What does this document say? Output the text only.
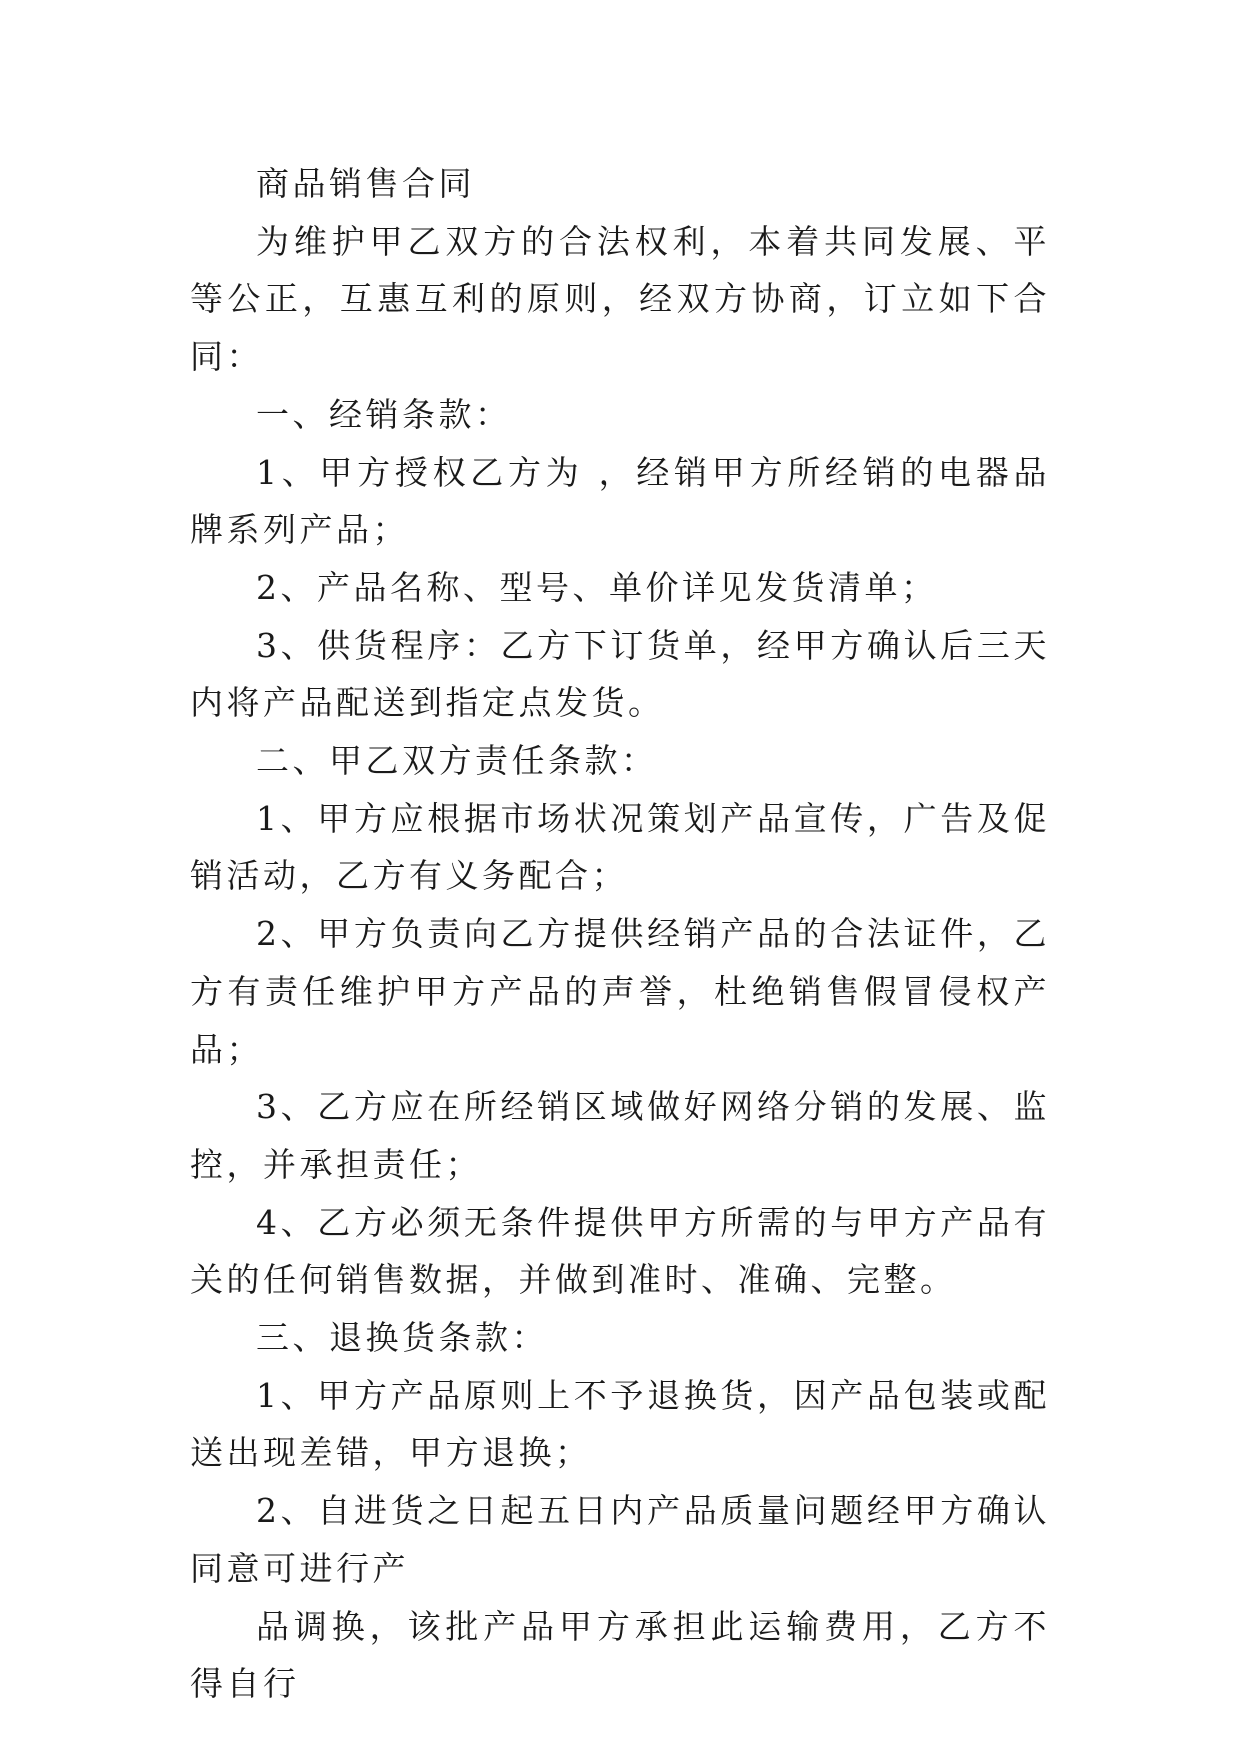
商品销售合同

为维护甲乙双方的合法权利，本着共同发展、平等公正，互惠互利的原则，经双方协商，订立如下合同：

一、经销条款：

1、甲方授权乙方为 ，经销甲方所经销的电器品牌系列产品；

2、产品名称、型号、单价详见发货清单；

3、供货程序：乙方下订货单，经甲方确认后三天内将产品配送到指定点发货。

二、甲乙双方责任条款：

1、甲方应根据市场状况策划产品宣传，广告及促销活动，乙方有义务配合；

2、甲方负责向乙方提供经销产品的合法证件，乙方有责任维护甲方产品的声誉，杜绝销售假冒侵权产品；

3、乙方应在所经销区域做好网络分销的发展、监控，并承担责任；

4、乙方必须无条件提供甲方所需的与甲方产品有关的任何销售数据，并做到准时、准确、完整。

三、退换货条款：

1、甲方产品原则上不予退换货，因产品包装或配送出现差错，甲方退换；

2、自进货之日起五日内产品质量问题经甲方确认同意可进行产

品调换，该批产品甲方承担此运输费用，乙方不得自行
